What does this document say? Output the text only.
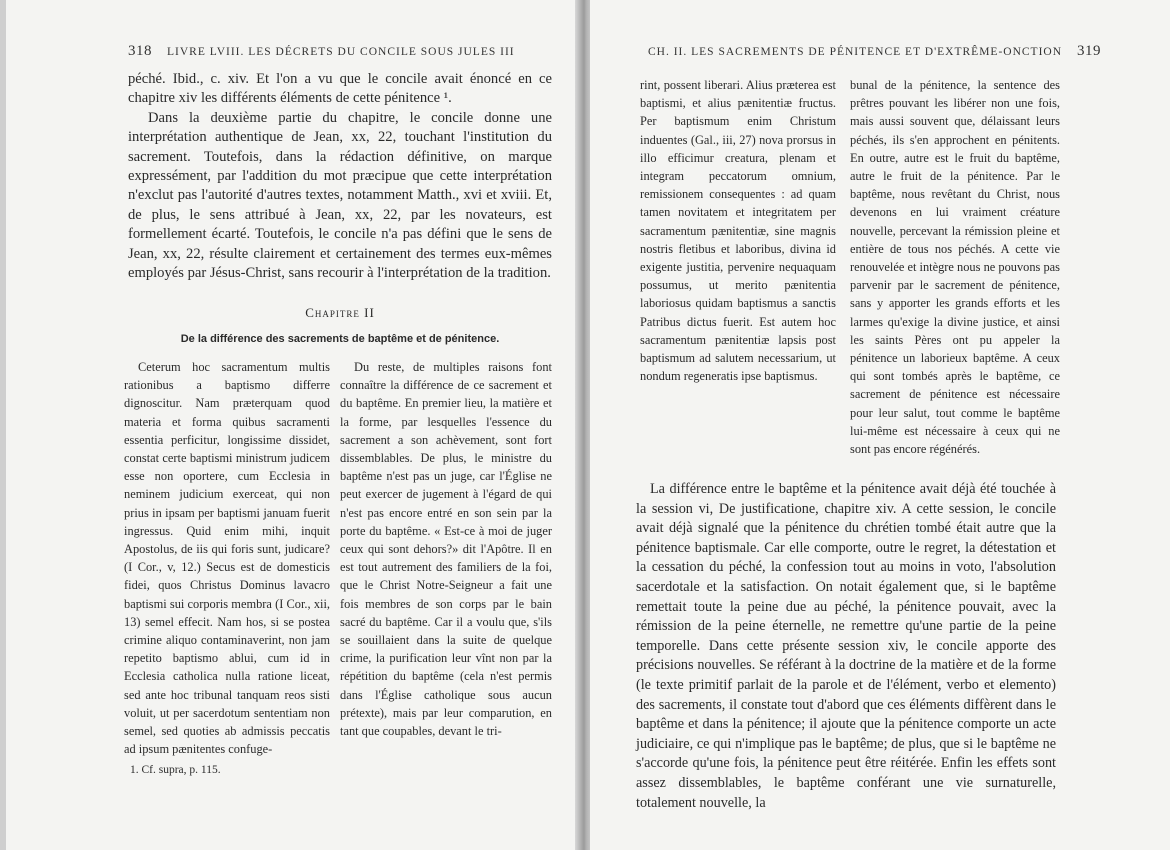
318 LIVRE LVIII. LES DÉCRETS DU CONCILE SOUS JULES III

péché. Ibid., c. xiv. Et l'on a vu que le concile avait énoncé en ce chapitre xiv les différents éléments de cette pénitence ¹.

Dans la deuxième partie du chapitre, le concile donne une interprétation authentique de Jean, xx, 22, touchant l'institution du sacrement. Toutefois, dans la rédaction définitive, on marque expressément, par l'addition du mot præcipue que cette interprétation n'exclut pas l'autorité d'autres textes, notamment Matth., xvi et xviii. Et, de plus, le sens attribué à Jean, xx, 22, par les novateurs, est formellement écarté. Toutefois, le concile n'a pas défini que le sens de Jean, xx, 22, résulte clairement et certainement des termes eux-mêmes employés par Jésus-Christ, sans recourir à l'interprétation de la tradition.

Chapitre II
De la différence des sacrements de baptême et de pénitence.

Ceterum hoc sacramentum multis rationibus a baptismo differre dignoscitur. Nam præterquam quod materia et forma quibus sacramenti essentia perficitur, longissime dissidet, constat certe baptismi ministrum judicem esse non oportere, cum Ecclesia in neminem judicium exerceat, qui non prius in ipsam per baptismi januam fuerit ingressus. Quid enim mihi, inquit Apostolus, de iis qui foris sunt, judicare? (I Cor., v, 12.) Secus est de domesticis fidei, quos Christus Dominus lavacro baptismi sui corporis membra (I Cor., xii, 13) semel effecit. Nam hos, si se postea crimine aliquo contaminaverint, non jam repetito baptismo ablui, cum id in Ecclesia catholica nulla ratione liceat, sed ante hoc tribunal tanquam reos sisti voluit, ut per sacerdotum sententiam non semel, sed quoties ab admissis peccatis ad ipsum pænitentes confuge-

Du reste, de multiples raisons font connaître la différence de ce sacrement et du baptême. En premier lieu, la matière et la forme, par lesquelles l'essence du sacrement a son achèvement, sont fort dissemblables. De plus, le ministre du baptême n'est pas un juge, car l'Église ne peut exercer de jugement à l'égard de qui n'est pas encore entré en son sein par la porte du baptême. « Est-ce à moi de juger ceux qui sont dehors?» dit l'Apôtre. Il en est tout autrement des familiers de la foi, que le Christ Notre-Seigneur a fait une fois membres de son corps par le bain sacré du baptême. Car il a voulu que, s'ils se souillaient dans la suite de quelque crime, la purification leur vînt non par la répétition du baptême (cela n'est permis dans l'Église catholique sous aucun prétexte), mais par leur comparution, en tant que coupables, devant le tri-

1. Cf. supra, p. 115.
CH. II. LES SACREMENTS DE PÉNITENCE ET D'EXTRÊME-ONCTION 319

rint, possent liberari. Alius præterea est baptismi, et alius pænitentiæ fructus. Per baptismum enim Christum induentes (Gal., iii, 27) nova prorsus in illo efficimur creatura, plenam et integram peccatorum omnium, remissionem consequentes : ad quam tamen novitatem et integritatem per sacramentum pænitentiæ, sine magnis nostris fletibus et laboribus, divina id exigente justitia, pervenire nequaquam possumus, ut merito pænitentia laboriosus quidam baptismus a sanctis Patribus dictus fuerit. Est autem hoc sacramentum pænitentiæ lapsis post baptismum ad salutem necessarium, ut nondum regeneratis ipse baptismus.

bunal de la pénitence, la sentence des prêtres pouvant les libérer non une fois, mais aussi souvent que, délaissant leurs péchés, ils s'en approchent en pénitents. En outre, autre est le fruit du baptême, autre le fruit de la pénitence. Par le baptême, nous revêtant du Christ, nous devenons en lui vraiment créature nouvelle, percevant la rémission pleine et entière de tous nos péchés. A cette vie renouvelée et intègre nous ne pouvons pas parvenir par le sacrement de pénitence, sans y apporter les grands efforts et les larmes qu'exige la divine justice, et ainsi les saints Pères ont pu appeler la pénitence un laborieux baptême. A ceux qui sont tombés après le baptême, ce sacrement de pénitence est nécessaire pour leur salut, tout comme le baptême lui-même est nécessaire à ceux qui ne sont pas encore régénérés.

La différence entre le baptême et la pénitence avait déjà été touchée à la session vi, De justificatione, chapitre xiv. A cette session, le concile avait déjà signalé que la pénitence du chrétien tombé était autre que la pénitence baptismale. Car elle comporte, outre le regret, la détestation et la cessation du péché, la confession tout au moins in voto, l'absolution sacerdotale et la satisfaction. On notait également que, si le baptême remettait toute la peine due au péché, la pénitence pouvait, avec la rémission de la peine éternelle, ne remettre qu'une partie de la peine temporelle. Dans cette présente session xiv, le concile apporte des précisions nouvelles. Se référant à la doctrine de la matière et de la forme (le texte primitif parlait de la parole et de l'élément, verbo et elemento) des sacrements, il constate tout d'abord que ces éléments diffèrent dans le baptême et dans la pénitence; il ajoute que la pénitence comporte un acte judiciaire, ce qui n'implique pas le baptême; de plus, que si le baptême ne s'accorde qu'une fois, la pénitence peut être réitérée. Enfin les effets sont assez dissemblables, le baptême conférant une vie surnaturelle, totalement nouvelle, la
